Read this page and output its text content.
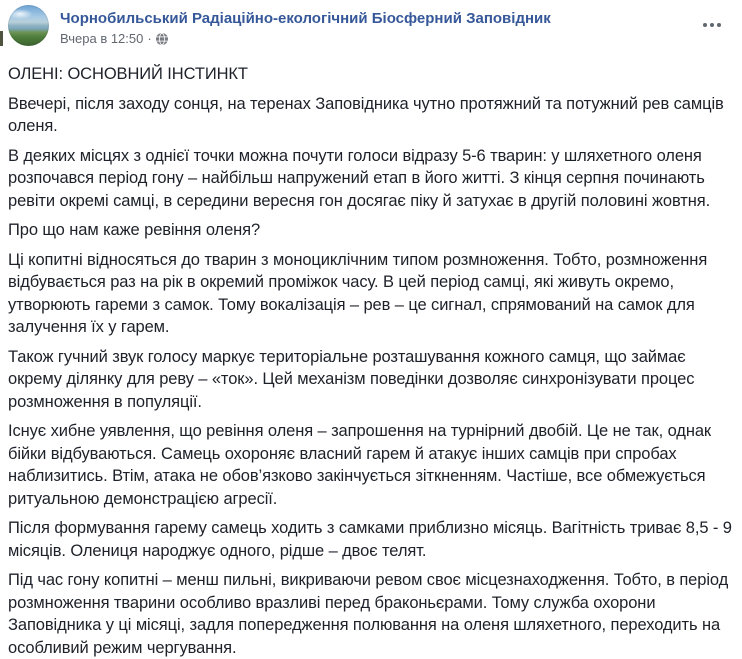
Чорнобильський Радіаційно-екологічний Біосферний Заповідник
Вчера в 12:50 ·

ОЛЕНІ: ОСНОВНИЙ ІНСТИНКТ

Ввечері, після заходу сонця, на теренах Заповідника чутно протяжний та потужний рев самців оленя.

В деяких місцях з однієї точки можна почути голоси відразу 5-6 тварин: у шляхетного оленя розпочався період гону – найбільш напружений етап в його житті. З кінця серпня починають ревіти окремі самці, в середини вересня гон досягає піку й затухає в другій половині жовтня.

Про що нам каже ревіння оленя?

Ці копитні відносяться до тварин з моноциклічним типом розмноження. Тобто, розмноження відбувається раз на рік в окремий проміжок часу. В цей період самці, які живуть окремо, утворюють гареми з самок. Тому вокалізація – рев – це сигнал, спрямований на самок для залучення їх у гарем.

Також гучний звук голосу маркує територіальне розташування кожного самця, що займає окрему ділянку для реву – «ток». Цей механізм поведінки дозволяє синхронізувати процес розмноження в популяції.

Існує хибне уявлення, що ревіння оленя – запрошення на турнірний двобій. Це не так, однак бійки відбуваються. Самець охороняє власний гарем й атакує інших самців при спробах наблизитись. Втім, атака не обов’язково закінчується зіткненням. Частіше, все обмежується ритуальною демонстрацією агресії.

Після формування гарему самець ходить з самками приблизно місяць. Вагітність триває 8,5 - 9 місяців. Олениця народжує одного, рідше – двоє телят.

Під час гону копитні – менш пильні, викриваючи ревом своє місцезнаходження. Тобто, в період розмноження тварини особливо вразливі перед браконьєрами. Тому служба охорони Заповідника у ці місяці, задля попередження полювання на оленя шляхетного, переходить на особливий режим чергування.
